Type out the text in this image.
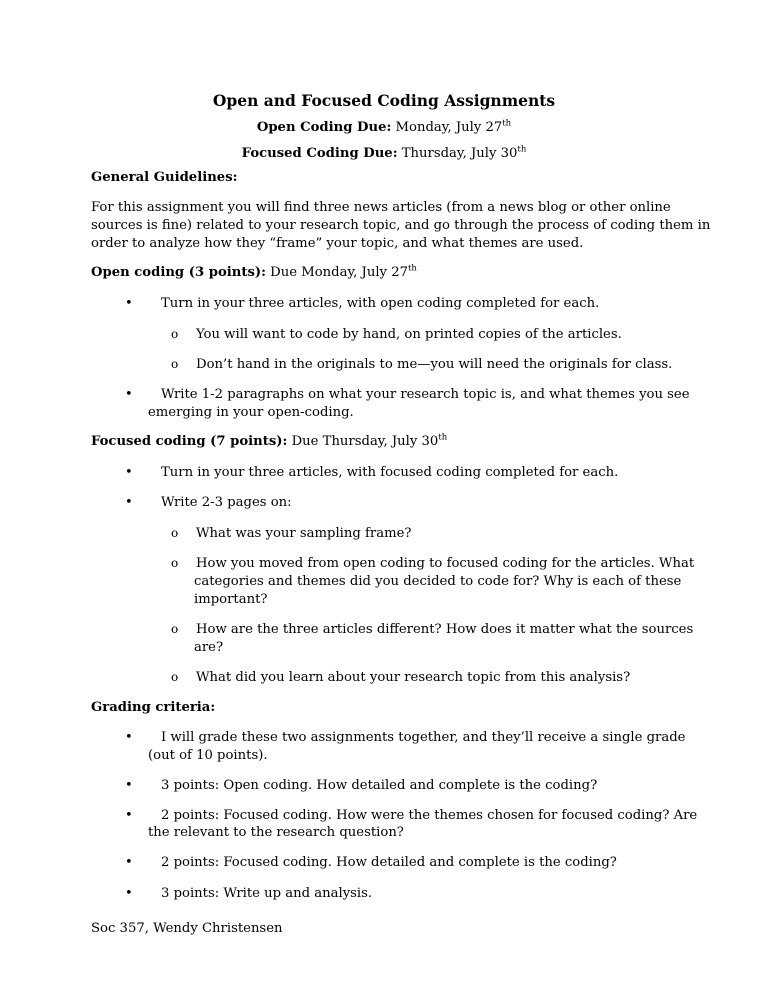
Open and Focused Coding Assignments
Open Coding Due: Monday, July 27th
Focused Coding Due: Thursday, July 30th
General Guidelines:
For this assignment you will find three news articles (from a news blog or other online
sources is fine) related to your research topic, and go through the process of coding them in
order to analyze how they “frame” your topic, and what themes are used.
Open coding (3 points): Due Monday, July 27th
• Turn in your three articles, with open coding completed for each.
o You will want to code by hand, on printed copies of the articles.
o Don’t hand in the originals to me—you will need the originals for class.
• Write 1-2 paragraphs on what your research topic is, and what themes you see
emerging in your open-coding.
Focused coding (7 points): Due Thursday, July 30th
• Turn in your three articles, with focused coding completed for each.
• Write 2-3 pages on:
o What was your sampling frame?
o How you moved from open coding to focused coding for the articles. What
categories and themes did you decided to code for? Why is each of these
important?
o How are the three articles different? How does it matter what the sources
are?
o What did you learn about your research topic from this analysis?
Grading criteria:
• I will grade these two assignments together, and they’ll receive a single grade
(out of 10 points).
• 3 points: Open coding. How detailed and complete is the coding?
• 2 points: Focused coding. How were the themes chosen for focused coding? Are
the relevant to the research question?
• 2 points: Focused coding. How detailed and complete is the coding?
• 3 points: Write up and analysis.
Soc 357, Wendy Christensen
